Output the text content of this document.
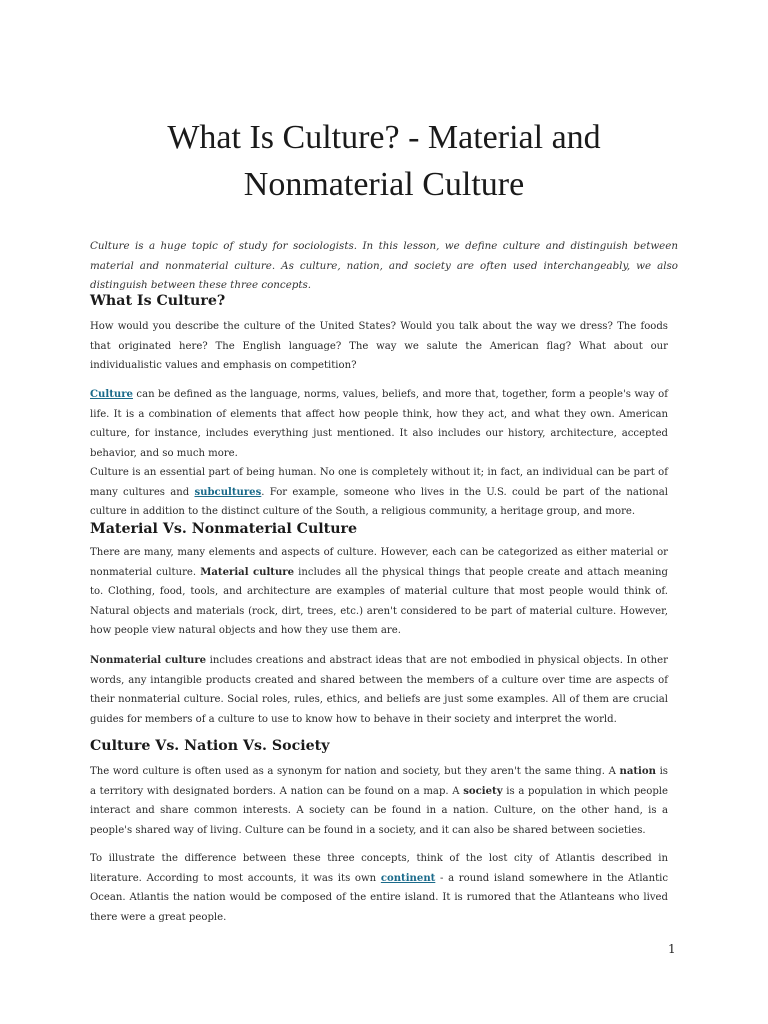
What Is Culture? - Material and Nonmaterial Culture

Culture is a huge topic of study for sociologists. In this lesson, we define culture and distinguish between material and nonmaterial culture. As culture, nation, and society are often used interchangeably, we also distinguish between these three concepts.

What Is Culture?

How would you describe the culture of the United States? Would you talk about the way we dress? The foods that originated here? The English language? The way we salute the American flag? What about our individualistic values and emphasis on competition?

Culture can be defined as the language, norms, values, beliefs, and more that, together, form a people's way of life. It is a combination of elements that affect how people think, how they act, and what they own. American culture, for instance, includes everything just mentioned. It also includes our history, architecture, accepted behavior, and so much more.

Culture is an essential part of being human. No one is completely without it; in fact, an individual can be part of many cultures and subcultures. For example, someone who lives in the U.S. could be part of the national culture in addition to the distinct culture of the South, a religious community, a heritage group, and more.

Material Vs. Nonmaterial Culture

There are many, many elements and aspects of culture. However, each can be categorized as either material or nonmaterial culture. Material culture includes all the physical things that people create and attach meaning to. Clothing, food, tools, and architecture are examples of material culture that most people would think of. Natural objects and materials (rock, dirt, trees, etc.) aren't considered to be part of material culture. However, how people view natural objects and how they use them are.

Nonmaterial culture includes creations and abstract ideas that are not embodied in physical objects. In other words, any intangible products created and shared between the members of a culture over time are aspects of their nonmaterial culture. Social roles, rules, ethics, and beliefs are just some examples. All of them are crucial guides for members of a culture to use to know how to behave in their society and interpret the world.

Culture Vs. Nation Vs. Society

The word culture is often used as a synonym for nation and society, but they aren't the same thing. A nation is a territory with designated borders. A nation can be found on a map. A society is a population in which people interact and share common interests. A society can be found in a nation. Culture, on the other hand, is a people's shared way of living. Culture can be found in a society, and it can also be shared between societies.

To illustrate the difference between these three concepts, think of the lost city of Atlantis described in literature. According to most accounts, it was its own continent - a round island somewhere in the Atlantic Ocean. Atlantis the nation would be composed of the entire island. It is rumored that the Atlanteans who lived there were a great people.

1
